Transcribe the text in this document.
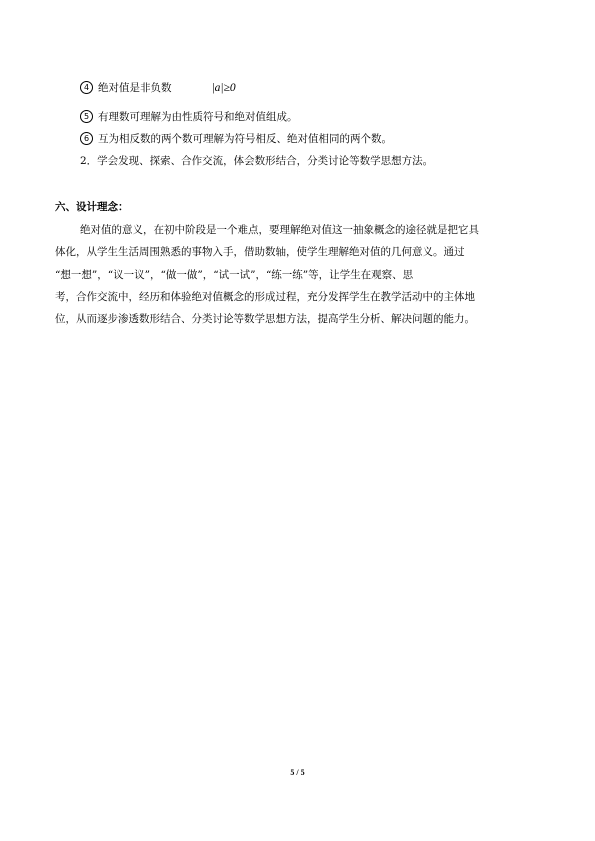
4 绝对值是非负数	|a|≥0
5 有理数可理解为由性质符号和绝对值组成。
6 互为相反数的两个数可理解为符号相反、绝对值相同的两个数。
2．学会发现、探索、合作交流，体会数形结合，分类讨论等数学思想方法。
六、设计理念：
绝对值的意义，在初中阶段是一个难点，要理解绝对值这一抽象概念的途径就是把它具
体化，从学生生活周围熟悉的事物入手，借助数轴，使学生理解绝对值的几何意义。通过
“想一想”，“议一议”，“做一做”，“试一试”，“练一练”等，让学生在观察、思
考，合作交流中，经历和体验绝对值概念的形成过程，充分发挥学生在教学活动中的主体地
位，从而逐步渗透数形结合、分类讨论等数学思想方法，提高学生分析、解决问题的能力。
5 / 5
